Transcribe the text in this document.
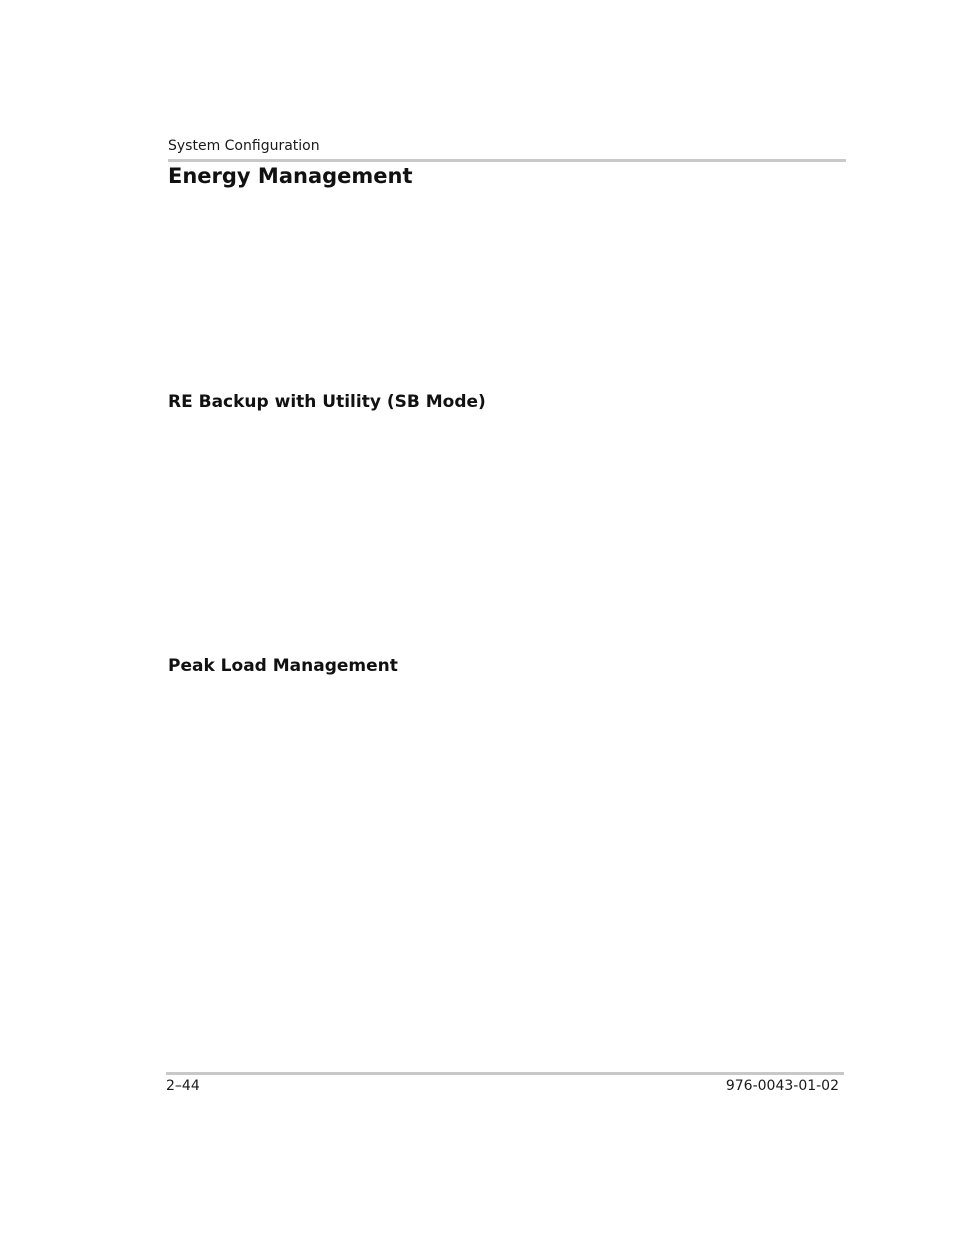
System Configuration
Energy Management
RE Backup with Utility (SB Mode)
Peak Load Management
2–44	976-0043-01-02
